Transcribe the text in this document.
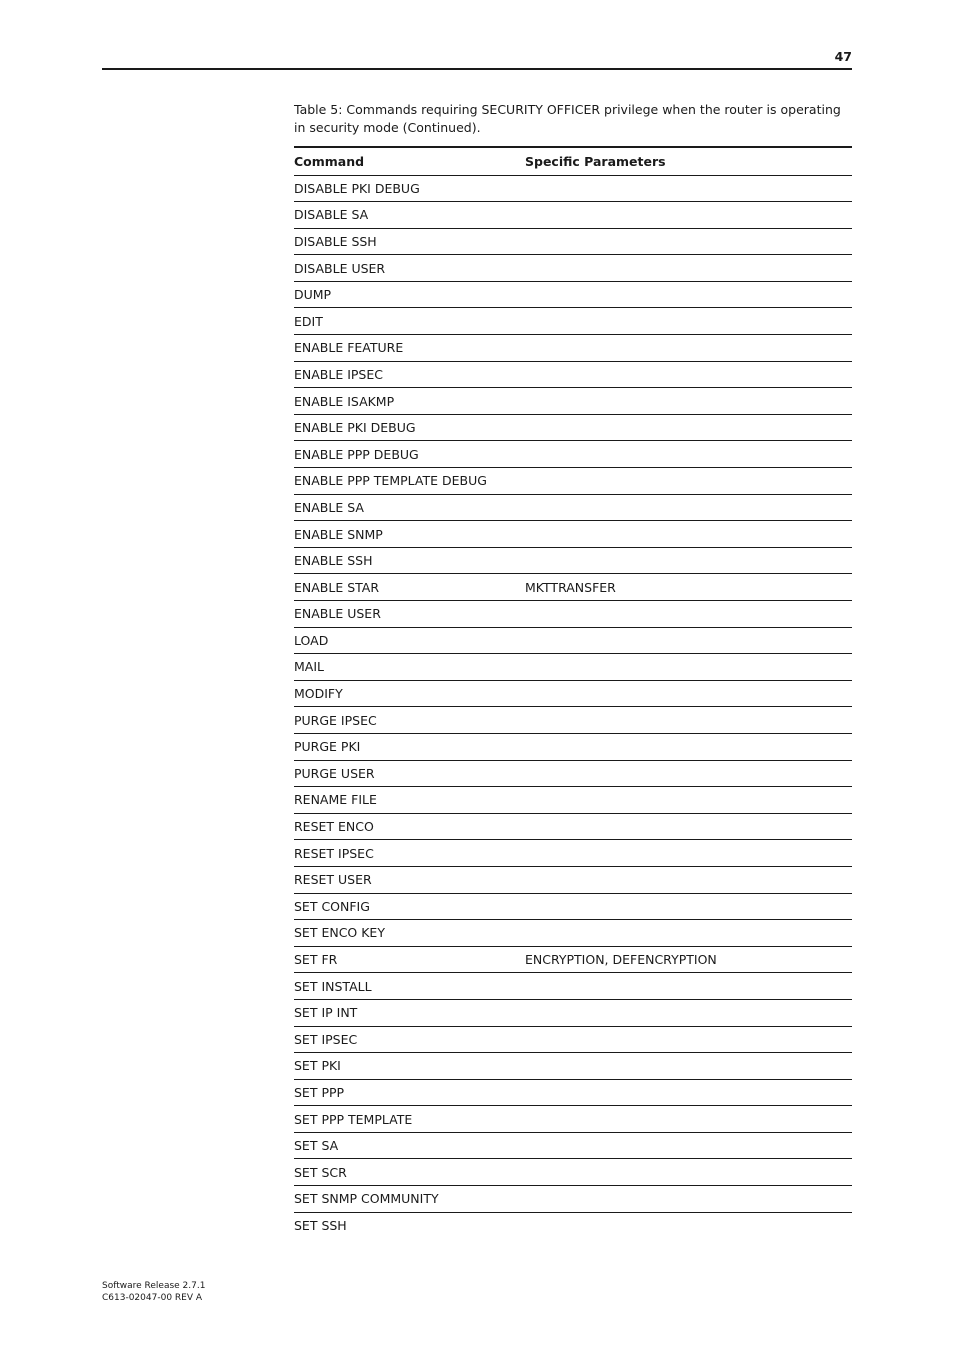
47
Table 5: Commands requiring SECURITY OFFICER privilege when the router is operating in security mode (Continued).
Command	Specific Parameters
DISABLE PKI DEBUG	
DISABLE SA	
DISABLE SSH	
DISABLE USER	
DUMP	
EDIT	
ENABLE FEATURE	
ENABLE IPSEC	
ENABLE ISAKMP	
ENABLE PKI DEBUG	
ENABLE PPP DEBUG	
ENABLE PPP TEMPLATE DEBUG	
ENABLE SA	
ENABLE SNMP	
ENABLE SSH	
ENABLE STAR	MKTTRANSFER
ENABLE USER	
LOAD	
MAIL	
MODIFY	
PURGE IPSEC	
PURGE PKI	
PURGE USER	
RENAME FILE	
RESET ENCO	
RESET IPSEC	
RESET USER	
SET CONFIG	
SET ENCO KEY	
SET FR	ENCRYPTION, DEFENCRYPTION
SET INSTALL	
SET IP INT	
SET IPSEC	
SET PKI	
SET PPP	
SET PPP TEMPLATE	
SET SA	
SET SCR	
SET SNMP COMMUNITY	
SET SSH	
Software Release 2.7.1
C613-02047-00 REV A
